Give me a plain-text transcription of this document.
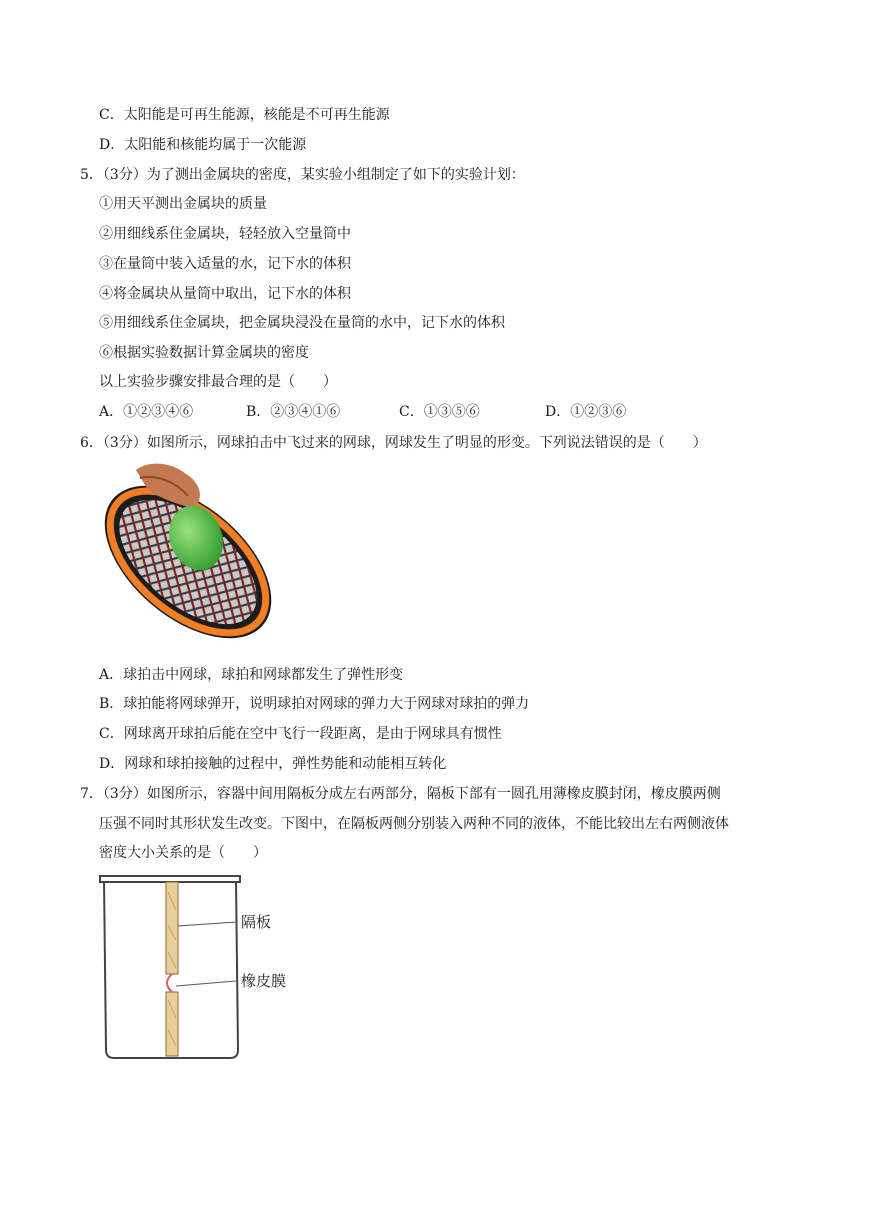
C．太阳能是可再生能源，核能是不可再生能源
D．太阳能和核能均属于一次能源
5．（3分）为了测出金属块的密度，某实验小组制定了如下的实验计划：
①用天平测出金属块的质量
②用细线系住金属块，轻轻放入空量筒中
③在量筒中装入适量的水，记下水的体积
④将金属块从量筒中取出，记下水的体积
⑤用细线系住金属块，把金属块浸没在量筒的水中，记下水的体积
⑥根据实验数据计算金属块的密度
以上实验步骤安排最合理的是（　　）
A．①②③④⑥	B．②③④①⑥	C．①③⑤⑥	D．①②③⑥
6．（3分）如图所示，网球拍击中飞过来的网球，网球发生了明显的形变。下列说法错误的是（　　）
A．球拍击中网球，球拍和网球都发生了弹性形变
B．球拍能将网球弹开，说明球拍对网球的弹力大于网球对球拍的弹力
C．网球离开球拍后能在空中飞行一段距离，是由于网球具有惯性
D．网球和球拍接触的过程中，弹性势能和动能相互转化
7．（3分）如图所示，容器中间用隔板分成左右两部分，隔板下部有一圆孔用薄橡皮膜封闭，橡皮膜两侧
压强不同时其形状发生改变。下图中，在隔板两侧分别装入两种不同的液体，不能比较出左右两侧液体
密度大小关系的是（　　）
隔板
橡皮膜
